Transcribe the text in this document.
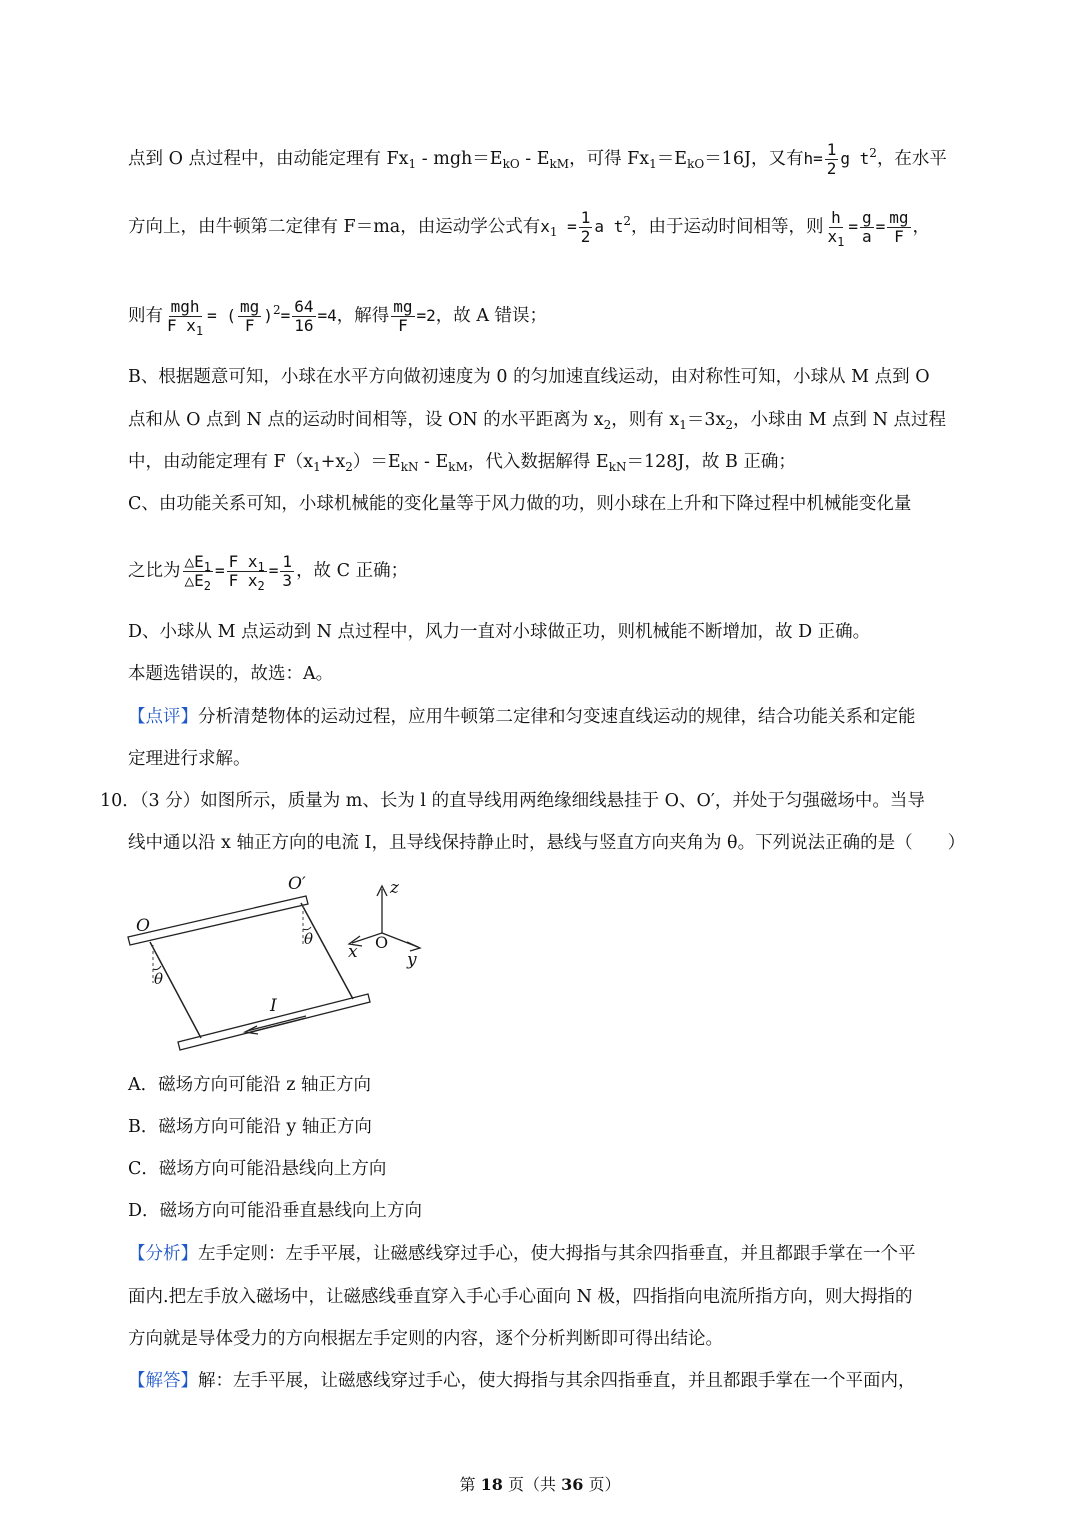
点到 O 点过程中，由动能定理有 $Fx_1 - mgh=E_{kO} - E_{kM}$，可得 $Fx_1=E_{kO}=16J$，又有$h= \frac{1}{2}$ g $t^2$，在水平
方向上，由牛顿第二定律有 F＝ma，由运动学公式有$x_1 = \frac{1}{2}$ a $t^2$，由于运动时间相等，则 $\frac{h}{x_1} = \frac{g}{a} = \frac{mg}{F}$ ，
则有 $\frac{\text{mgh}}{F x_1}$ = ( $\frac{mg}{F} )^2= \frac{64}{16} =4$，解得 $\frac{mg}{F} =2$，故 A 错误；
B、根据题意可知，小球在水平方向做初速度为 0 的匀加速直线运动，由对称性可知，小球从 M 点到 O
点和从 O 点到 N 点的运动时间相等，设 ON 的水平距离为 $x_2$，则有 $x_1=3x_2$，小球由 M 点到 N 点过程
中，由动能定理有 $F(x_1+x_2)=E_{kN} - E_{kM}$，代入数据解得 $E_{kN}=128J$，故 B 正确；
C、由功能关系可知，小球机械能的变化量等于风力做的功，则小球在上升和下降过程中机械能变化量
之比为 $\frac{\triangle E_1}{\triangle E_2} = \frac{F x_1}{F x_2} = \frac{1}{3}$ ，故 C 正确；
D、小球从 M 点运动到 N 点过程中，风力一直对小球做正功，则机械能不断增加，故 D 正确。
本题选错误的，故选：A。
【点评】分析清楚物体的运动过程，应用牛顿第二定律和匀变速直线运动的规律，结合功能关系和定能
定理进行求解。
10．（3 分）如图所示，质量为 m、长为 l 的直导线用两绝缘细线悬挂于 O、O′，并处于匀强磁场中。当导
线中通以沿 x 轴正方向的电流 I，且导线保持静止时，悬线与竖直方向夹角为 θ。下列说法正确的是（　　）
O
O′
θ
θ
I
z
x	y
O
A．磁场方向可能沿 z 轴正方向
B．磁场方向可能沿 y 轴正方向
C．磁场方向可能沿悬线向上方向
D．磁场方向可能沿垂直悬线向上方向
【分析】左手定则：左手平展，让磁感线穿过手心，使大拇指与其余四指垂直，并且都跟手掌在一个平
面内.把左手放入磁场中，让磁感线垂直穿入手心手心面向 N 极，四指指向电流所指方向，则大拇指的
方向就是导体受力的方向根据左手定则的内容，逐个分析判断即可得出结论。
【解答】解：左手平展，让磁感线穿过手心，使大拇指与其余四指垂直，并且都跟手掌在一个平面内，
第 18 页（共 36 页）
